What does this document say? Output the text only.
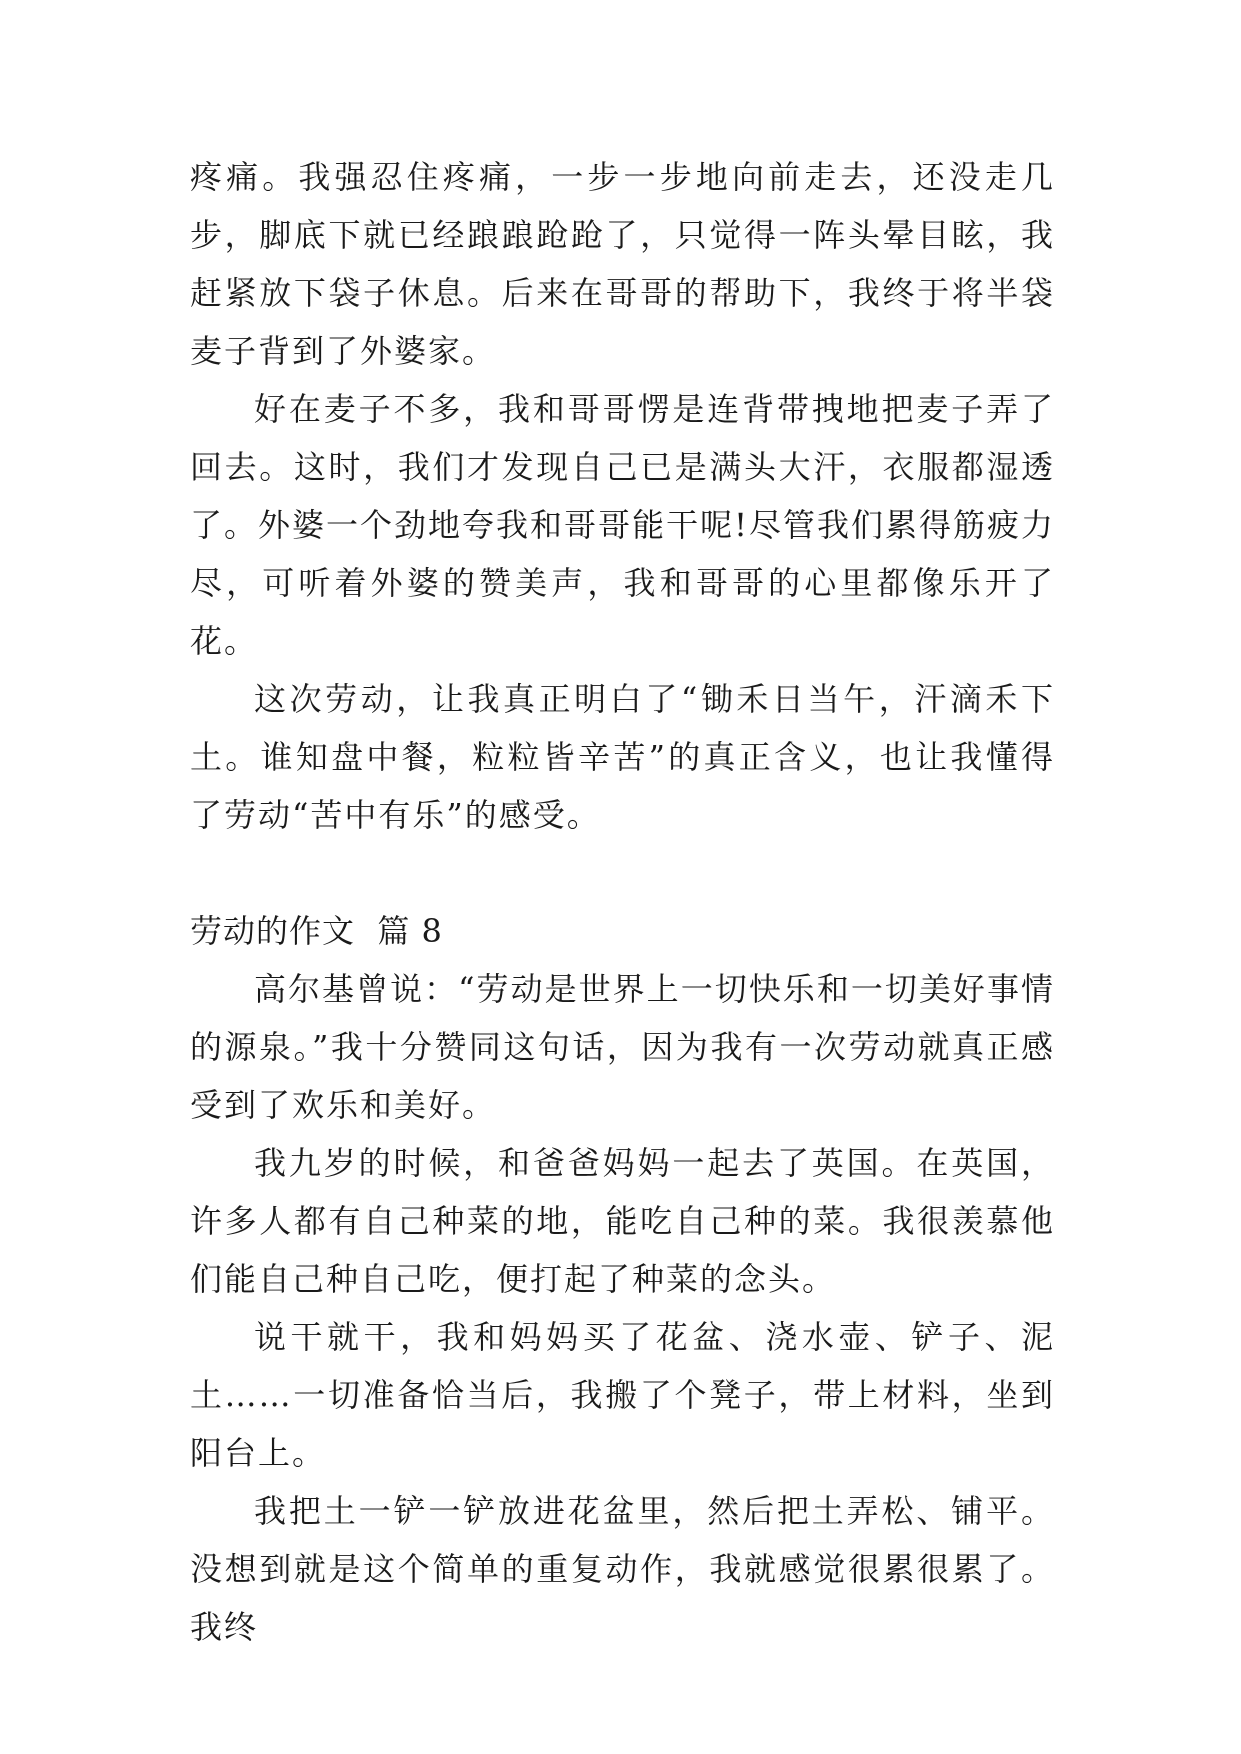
疼痛。我强忍住疼痛，一步一步地向前走去，还没走几步，脚底下就已经踉踉跄跄了，只觉得一阵头晕目眩，我赶紧放下袋子休息。后来在哥哥的帮助下，我终于将半袋麦子背到了外婆家。

好在麦子不多，我和哥哥愣是连背带拽地把麦子弄了回去。这时，我们才发现自己已是满头大汗，衣服都湿透了。外婆一个劲地夸我和哥哥能干呢!尽管我们累得筋疲力尽，可听着外婆的赞美声，我和哥哥的心里都像乐开了花。

这次劳动，让我真正明白了“锄禾日当午，汗滴禾下土。谁知盘中餐，粒粒皆辛苦”的真正含义，也让我懂得了劳动“苦中有乐”的感受。

劳动的作文  篇 8

高尔基曾说：“劳动是世界上一切快乐和一切美好事情的源泉。”我十分赞同这句话，因为我有一次劳动就真正感受到了欢乐和美好。

我九岁的时候，和爸爸妈妈一起去了英国。在英国，许多人都有自己种菜的地，能吃自己种的菜。我很羡慕他们能自己种自己吃，便打起了种菜的念头。

说干就干，我和妈妈买了花盆、浇水壶、铲子、泥土……一切准备恰当后，我搬了个凳子，带上材料，坐到阳台上。

我把土一铲一铲放进花盆里，然后把土弄松、铺平。没想到就是这个简单的重复动作，我就感觉很累很累了。我终
